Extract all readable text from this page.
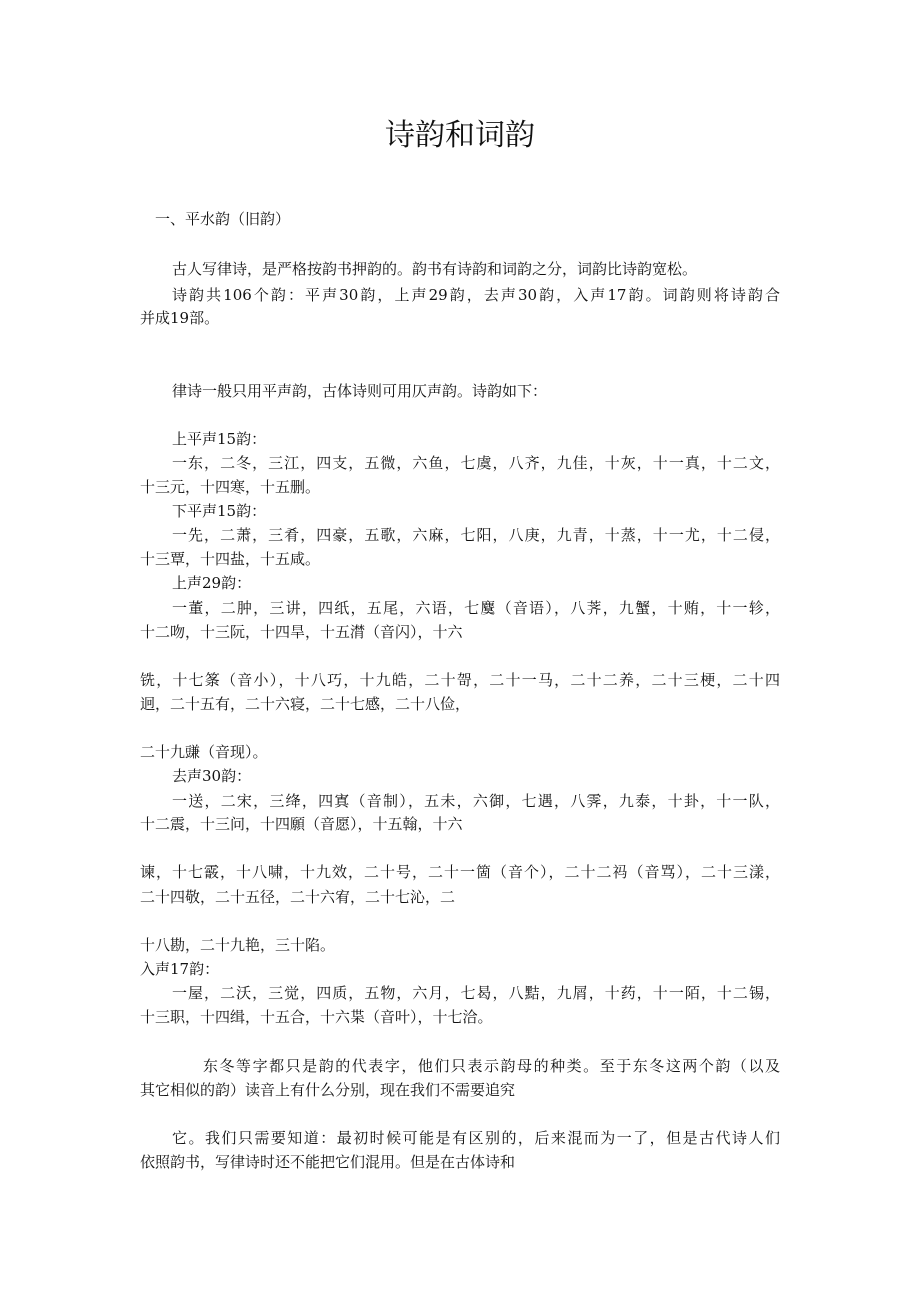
诗韵和词韵
一、平水韵（旧韵）
古人写律诗，是严格按韵书押韵的。韵书有诗韵和词韵之分，词韵比诗韵宽松。
诗韵共106个韵：平声30韵，上声29韵，去声30韵，入声17韵。词韵则将诗韵合
并成19部。
律诗一般只用平声韵，古体诗则可用仄声韵。诗韵如下：
上平声15韵：
一东，二冬，三江，四支，五微，六鱼，七虞，八齐，九佳，十灰，十一真，十二文，
十三元，十四寒，十五删。
下平声15韵：
一先，二萧，三肴，四豪，五歌，六麻，七阳，八庚，九青，十蒸，十一尤，十二侵，
十三覃，十四盐，十五咸。
上声29韵：
一董，二肿，三讲，四纸，五尾，六语，七麌（音语），八荠，九蟹，十贿，十一轸，
十二吻，十三阮，十四旱，十五潸（音闪），十六
铣，十七筿（音小），十八巧，十九皓，二十哿，二十一马，二十二养，二十三梗，二十四
迥，二十五有，二十六寝，二十七感，二十八俭，
二十九豏（音现）。
去声30韵：
一送，二宋，三绛，四寘（音制），五未，六御，七遇，八霁，九泰，十卦，十一队，
十二震，十三问，十四願（音愿），十五翰，十六
谏，十七霰，十八啸，十九效，二十号，二十一箇（音个），二十二祃（音骂），二十三漾，
二十四敬，二十五径，二十六宥，二十七沁，二
十八勘，二十九艳，三十陷。
入声17韵：
一屋，二沃，三觉，四质，五物，六月，七曷，八黠，九屑，十药，十一陌，十二锡，
十三职，十四缉，十五合，十六枼（音叶），十七洽。
东冬等字都只是韵的代表字，他们只表示韵母的种类。至于东冬这两个韵（以及
其它相似的韵）读音上有什么分别，现在我们不需要追究
它。我们只需要知道：最初时候可能是有区别的，后来混而为一了，但是古代诗人们
依照韵书，写律诗时还不能把它们混用。但是在古体诗和
